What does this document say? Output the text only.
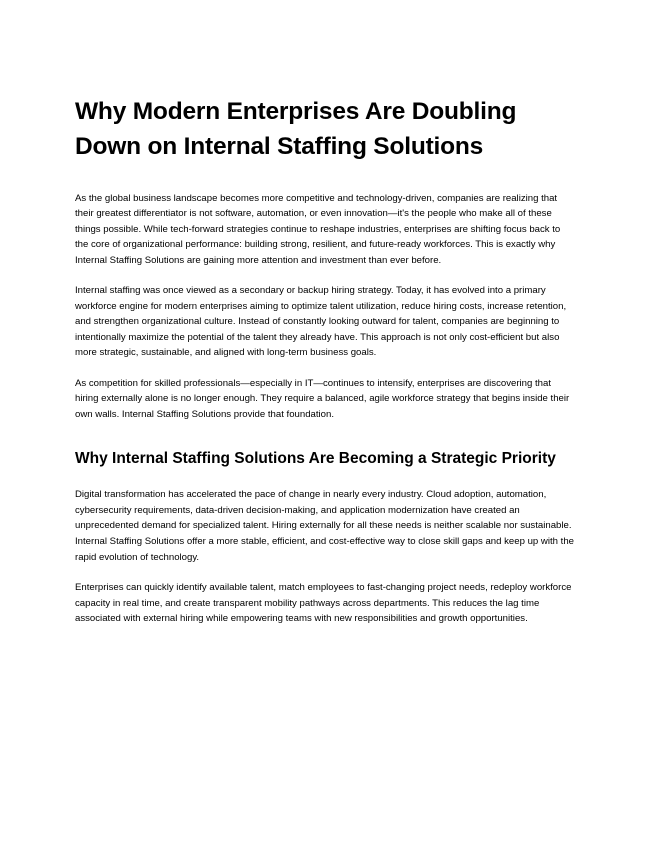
Why Modern Enterprises Are Doubling Down on Internal Staffing Solutions

As the global business landscape becomes more competitive and technology-driven, companies are realizing that their greatest differentiator is not software, automation, or even innovation—it's the people who make all of these things possible. While tech-forward strategies continue to reshape industries, enterprises are shifting focus back to the core of organizational performance: building strong, resilient, and future-ready workforces. This is exactly why Internal Staffing Solutions are gaining more attention and investment than ever before.

Internal staffing was once viewed as a secondary or backup hiring strategy. Today, it has evolved into a primary workforce engine for modern enterprises aiming to optimize talent utilization, reduce hiring costs, increase retention, and strengthen organizational culture. Instead of constantly looking outward for talent, companies are beginning to intentionally maximize the potential of the talent they already have. This approach is not only cost-efficient but also more strategic, sustainable, and aligned with long-term business goals.

As competition for skilled professionals—especially in IT—continues to intensify, enterprises are discovering that hiring externally alone is no longer enough. They require a balanced, agile workforce strategy that begins inside their own walls. Internal Staffing Solutions provide that foundation.

Why Internal Staffing Solutions Are Becoming a Strategic Priority

Digital transformation has accelerated the pace of change in nearly every industry. Cloud adoption, automation, cybersecurity requirements, data-driven decision-making, and application modernization have created an unprecedented demand for specialized talent. Hiring externally for all these needs is neither scalable nor sustainable. Internal Staffing Solutions offer a more stable, efficient, and cost-effective way to close skill gaps and keep up with the rapid evolution of technology.

Enterprises can quickly identify available talent, match employees to fast-changing project needs, redeploy workforce capacity in real time, and create transparent mobility pathways across departments. This reduces the lag time associated with external hiring while empowering teams with new responsibilities and growth opportunities.
